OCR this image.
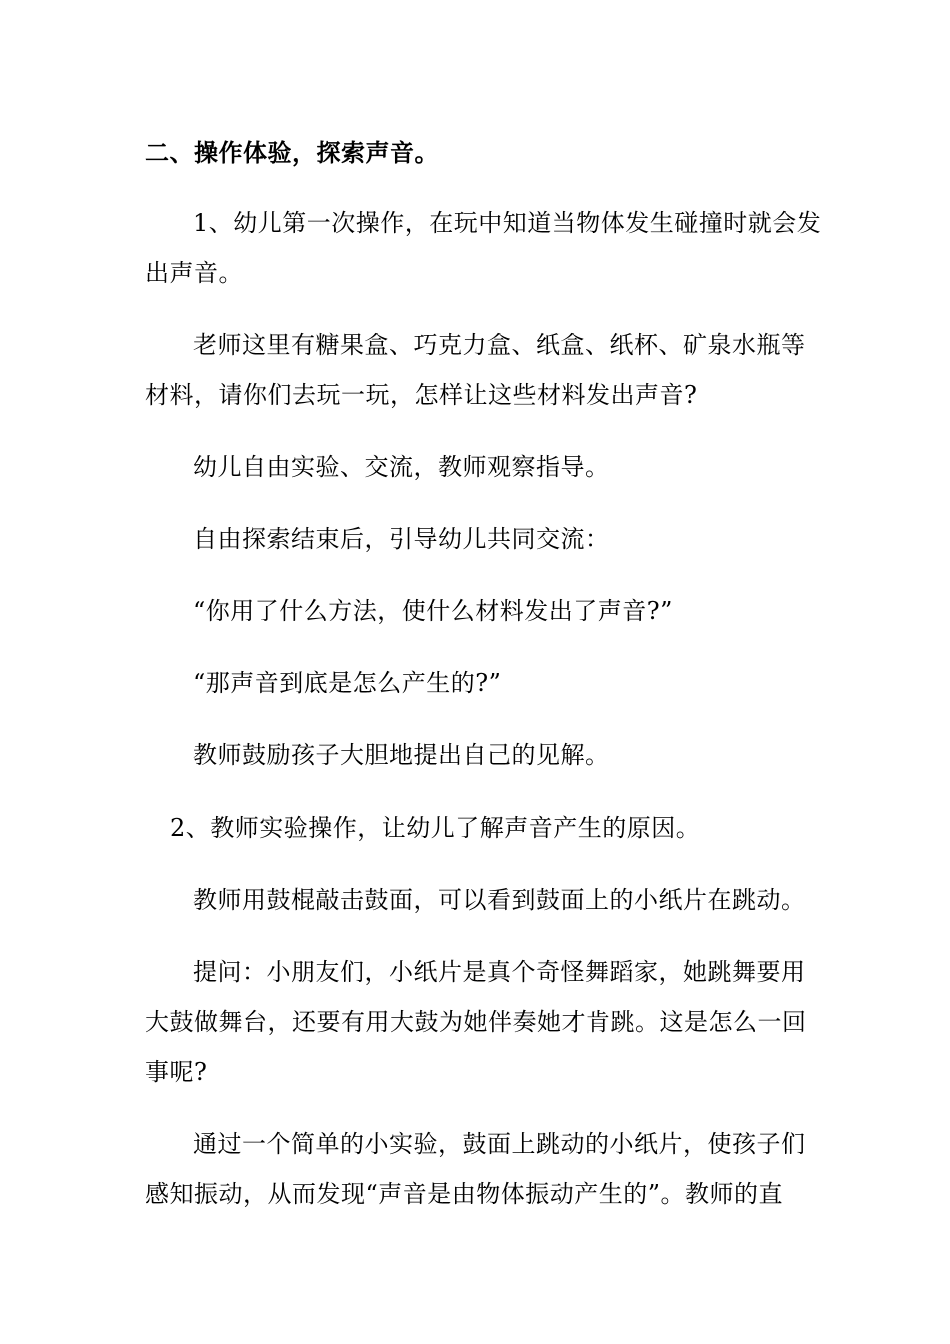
二、操作体验，探索声音。
1、幼儿第一次操作，在玩中知道当物体发生碰撞时就会发
出声音。
老师这里有糖果盒、巧克力盒、纸盒、纸杯、矿泉水瓶等
材料，请你们去玩一玩，怎样让这些材料发出声音?
幼儿自由实验、交流，教师观察指导。
自由探索结束后，引导幼儿共同交流：
“你用了什么方法，使什么材料发出了声音?”
“那声音到底是怎么产生的?”
教师鼓励孩子大胆地提出自己的见解。
2、教师实验操作，让幼儿了解声音产生的原因。
教师用鼓棍敲击鼓面，可以看到鼓面上的小纸片在跳动。
提问：小朋友们，小纸片是真个奇怪舞蹈家，她跳舞要用
大鼓做舞台，还要有用大鼓为她伴奏她才肯跳。这是怎么一回
事呢?
通过一个简单的小实验，鼓面上跳动的小纸片，使孩子们
感知振动，从而发现“声音是由物体振动产生的”。教师的直
